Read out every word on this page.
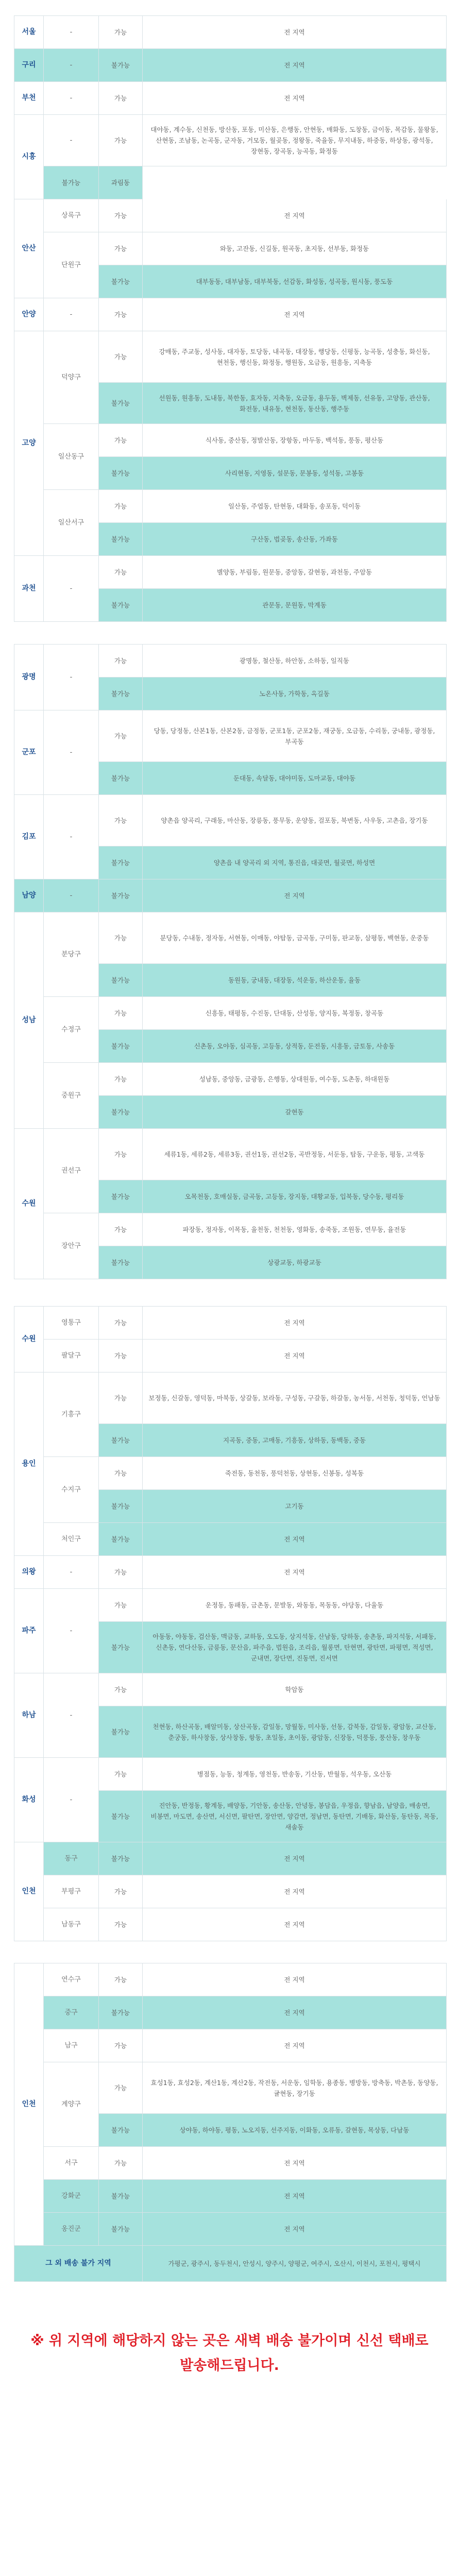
서울	-	가능	전 지역
구리	-	불가능	전 지역
부천	-	가능	전 지역
시흥	-	가능	대야동, 계수동, 신천동, 방산동, 포동, 미산동, 은행동, 안현동, 매화동, 도창동, 금이동, 목감동, 물왕동, 산현동, 조남동, 논곡동, 군자동, 거모동, 월곶동, 정왕동, 죽율동, 무지내동, 하중동, 하상동, 광석동, 장현동, 장곡동, 능곡동, 화정동
	불가능	과림동	
안산	상록구	가능	전 지역
	단원구	가능	와동, 고잔동, 신길동, 원곡동, 초지동, 선부동, 화정동
		불가능	대부동동, 대부남동, 대부북동, 선감동, 화성동, 성곡동, 원시동, 풍도동
안양	-	가능	전 지역
고양	덕양구	가능	강매동, 주교동, 성사동, 대자동, 토당동, 내곡동, 대장동, 행당동, 신평동, 능곡동, 성충동, 화신동, 현천동, 행신동, 화정동, 행원동, 오금동, 원흥동, 지축동
		불가능	선원동, 원흥동, 도내동, 북한동, 효자동, 지축동, 오금동, 용두동, 벽제동, 선유동, 고양동, 관산동, 화전동, 내유동, 현천동, 동산동, 행주동
	일산동구	가능	식사동, 중산동, 정발산동, 장항동, 마두동, 백석동, 풍동, 평산동
		불가능	사리현동, 지영동, 설문동, 문봉동, 성석동, 고봉동
	일산서구	가능	일산동, 주엽동, 탄현동, 대화동, 송포동, 덕이동
		불가능	구산동, 법곶동, 송산동, 가좌동
과천	-	가능	별양동, 부림동, 원문동, 중앙동, 갈현동, 과천동, 주암동
		불가능	관문동, 문원동, 막계동
광명	-	가능	광명동, 철산동, 하안동, 소하동, 일직동
		불가능	노온사동, 가학동, 옥길동
군포	-	가능	당동, 당정동, 산본1동, 산본2동, 금정동, 군포1동, 군포2동, 재궁동, 오금동, 수리동, 궁내동, 광정동, 부곡동
		불가능	둔대동, 속달동, 대야미동, 도마교동, 대야동
김포	-	가능	양촌읍 양곡리, 구래동, 마산동, 장릉동, 풍무동, 운양동, 걸포동, 북변동, 사우동, 고촌읍, 장기동
		불가능	양촌읍 내 양곡리 외 지역, 통진읍, 대곶면, 월곶면, 하성면
남양	-	불가능	전 지역
성남	분당구	가능	분당동, 수내동, 정자동, 서현동, 이매동, 야탑동, 금곡동, 구미동, 판교동, 삼평동, 백현동, 운중동
		불가능	동원동, 궁내동, 대장동, 석운동, 하산운동, 율동
	수정구	가능	신흥동, 태평동, 수진동, 단대동, 산성동, 양지동, 복정동, 창곡동
		불가능	신촌동, 오야동, 심곡동, 고등동, 상적동, 둔전동, 시흥동, 금토동, 사송동
	중원구	가능	성남동, 중앙동, 금광동, 은행동, 상대원동, 여수동, 도촌동, 하대원동
		불가능	갈현동
수원	권선구	가능	세류1동, 세류2동, 세류3동, 권선1동, 권선2동, 곡반정동, 서둔동, 탑동, 구운동, 평동, 고색동
		불가능	오목천동, 호매실동, 금곡동, 고등동, 장지동, 대황교동, 입북동, 당수동, 평리동
	장안구	가능	파장동, 정자동, 이목동, 율천동, 천천동, 영화동, 송죽동, 조원동, 연무동, 율전동
		불가능	상광교동, 하광교동
수원	영통구	가능	전 지역
	팔달구	가능	전 지역
용인	기흥구	가능	보정동, 신갈동, 영덕동, 마북동, 상갈동, 보라동, 구성동, 구갈동, 하갈동, 농서동, 서천동, 청덕동, 언남동
		불가능	지곡동, 중동, 고매동, 기흥동, 상하동, 동백동, 중동
	수지구	가능	죽전동, 동천동, 풍덕천동, 상현동, 신봉동, 성복동
		불가능	고기동
	처인구	불가능	전 지역
의왕	-	가능	전 지역
파주	-	가능	운정동, 동패동, 금촌동, 문발동, 와동동, 목동동, 야당동, 다율동
		불가능	아동동, 야동동, 검산동, 맥금동, 교하동, 오도동, 상지석동, 산남동, 당하동, 송촌동, 파지석동, 서패동, 신촌동, 연다산동, 금릉동, 문산읍, 파주읍, 법원읍, 조리읍, 월롱면, 탄현면, 광탄면, 파평면, 적성면, 군내면, 장단면, 진동면, 진서면
하남	-	가능	학암동
		불가능	천현동, 하산곡동, 배알미동, 상산곡동, 감일동, 망월동, 미사동, 선동, 감북동, 감일동, 광암동, 교산동, 춘궁동, 하사창동, 상사창동, 항동, 초일동, 초이동, 광암동, 신장동, 덕풍동, 풍산동, 창우동
화성	-	가능	병점동, 능동, 청계동, 영천동, 반송동, 기산동, 반월동, 석우동, 오산동
		불가능	진안동, 반정동, 황계동, 배양동, 기안동, 송산동, 안녕동, 봉담읍, 우정읍, 향남읍, 남양읍, 매송면, 비봉면, 마도면, 송산면, 서신면, 팔탄면, 장안면, 양감면, 정남면, 동탄면, 기배동, 화산동, 동탄동, 목동, 새솔동
인천	동구	불가능	전 지역
	부평구	가능	전 지역
	남동구	가능	전 지역
인천	연수구	가능	전 지역
	중구	불가능	전 지역
	남구	가능	전 지역
	계양구	가능	효성1동, 효성2동, 계산1동, 계산2동, 작전동, 서운동, 임학동, 용종동, 병방동, 방축동, 박촌동, 동양동, 귤현동, 장기동
		불가능	상야동, 하야동, 평동, 노오지동, 선주지동, 이화동, 오류동, 갈현동, 목상동, 다남동
	서구	가능	전 지역
	강화군	불가능	전 지역
	옹진군	불가능	전 지역
그 외 배송 불가 지역			가평군, 광주시, 동두천시, 안성시, 양주시, 양평군, 여주시, 오산시, 이천시, 포천시, 평택시
※ 위 지역에 해당하지 않는 곳은 새벽 배송 불가이며 신선 택배로
발송해드립니다.
